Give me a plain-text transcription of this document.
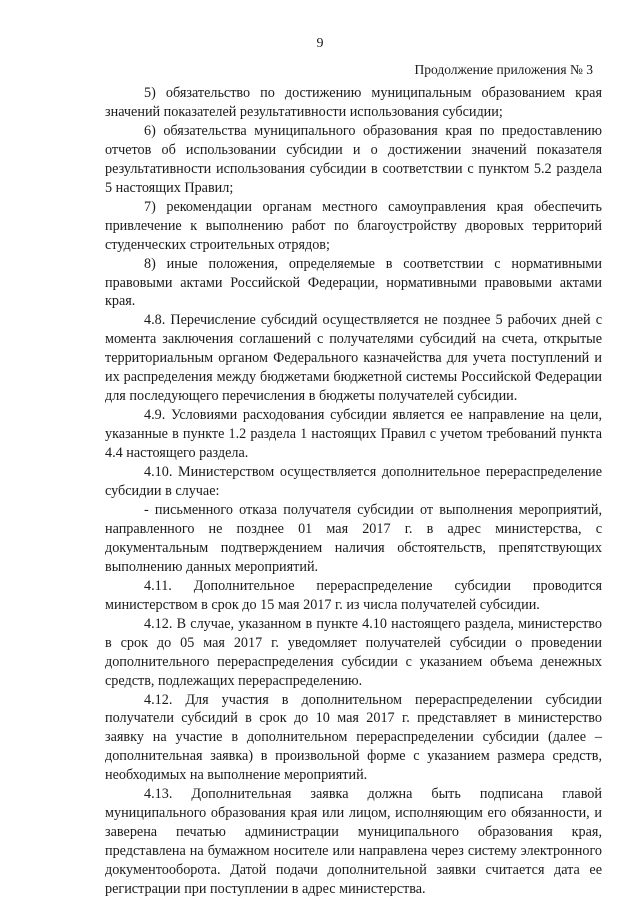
9
Продолжение приложения № 3

5) обязательство по достижению муниципальным образованием края значений показателей результативности использования субсидии;

6) обязательства муниципального образования края по предоставлению отчетов об использовании субсидии и о достижении значений показателя результативности использования субсидии в соответствии с пунктом 5.2 раздела 5 настоящих Правил;

7) рекомендации органам местного самоуправления края обеспечить привлечение к выполнению работ по благоустройству дворовых территорий студенческих строительных отрядов;

8) иные положения, определяемые в соответствии с нормативными правовыми актами Российской Федерации, нормативными правовыми актами края.

4.8. Перечисление субсидий осуществляется не позднее 5 рабочих дней с момента заключения соглашений с получателями субсидий на счета, открытые территориальным органом Федерального казначейства для учета поступлений и их распределения между бюджетами бюджетной системы Российской Федерации для последующего перечисления в бюджеты получателей субсидии.

4.9. Условиями расходования субсидии является ее направление на цели, указанные в пункте 1.2 раздела 1 настоящих Правил с учетом требований пункта 4.4 настоящего раздела.

4.10. Министерством осуществляется дополнительное перераспределение субсидии в случае:

- письменного отказа получателя субсидии от выполнения мероприятий, направленного не позднее 01 мая 2017 г. в адрес министерства, с документальным подтверждением наличия обстоятельств, препятствующих выполнению данных мероприятий.

4.11. Дополнительное перераспределение субсидии проводится министерством в срок до 15 мая 2017 г. из числа получателей субсидии.

4.12. В случае, указанном в пункте 4.10 настоящего раздела, министерство в срок до 05 мая 2017 г. уведомляет получателей субсидии о проведении дополнительного перераспределения субсидии с указанием объема денежных средств, подлежащих перераспределению.

4.12. Для участия в дополнительном перераспределении субсидии получатели субсидий в срок до 10 мая 2017 г. представляет в министерство заявку на участие в дополнительном перераспределении субсидии (далее – дополнительная заявка) в произвольной форме с указанием размера средств, необходимых на выполнение мероприятий.

4.13. Дополнительная заявка должна быть подписана главой муниципального образования края или лицом, исполняющим его обязанности, и заверена печатью администрации муниципального образования края, представлена на бумажном носителе или направлена через систему электронного документооборота. Датой подачи дополнительной заявки считается дата ее регистрации при поступлении в адрес министерства.
